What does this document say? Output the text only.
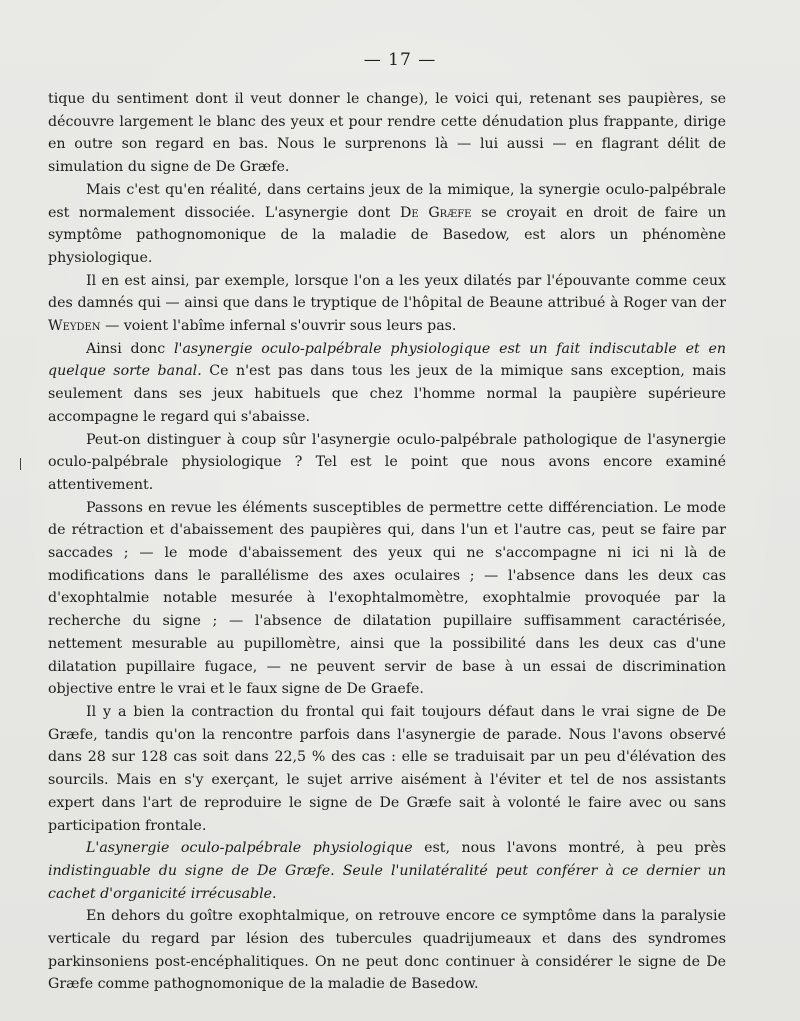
— 17 —

tique du sentiment dont il veut donner le change), le voici qui, retenant ses paupières, se découvre largement le blanc des yeux et pour rendre cette dénudation plus frappante, dirige en outre son regard en bas. Nous le surprenons là — lui aussi — en flagrant délit de simulation du signe de De Græfe.

Mais c'est qu'en réalité, dans certains jeux de la mimique, la synergie oculo-palpébrale est normalement dissociée. L'asynergie dont De Græfe se croyait en droit de faire un symptôme pathognomonique de la maladie de Basedow, est alors un phénomène physiologique.

Il en est ainsi, par exemple, lorsque l'on a les yeux dilatés par l'épouvante comme ceux des damnés qui — ainsi que dans le tryptique de l'hôpital de Beaune attribué à Roger van der Weyden — voient l'abîme infernal s'ouvrir sous leurs pas.

Ainsi donc l'asynergie oculo-palpébrale physiologique est un fait indiscutable et en quelque sorte banal. Ce n'est pas dans tous les jeux de la mimique sans exception, mais seulement dans ses jeux habituels que chez l'homme normal la paupière supérieure accompagne le regard qui s'abaisse.

Peut-on distinguer à coup sûr l'asynergie oculo-palpébrale pathologique de l'asynergie oculo-palpébrale physiologique ? Tel est le point que nous avons encore examiné attentivement.

Passons en revue les éléments susceptibles de permettre cette différenciation. Le mode de rétraction et d'abaissement des paupières qui, dans l'un et l'autre cas, peut se faire par saccades ; — le mode d'abaissement des yeux qui ne s'accompagne ni ici ni là de modifications dans le parallélisme des axes oculaires ; — l'absence dans les deux cas d'exophtalmie notable mesurée à l'exophtalmomètre, exophtalmie provoquée par la recherche du signe ; — l'absence de dilatation pupillaire suffisamment caractérisée, nettement mesurable au pupillomètre, ainsi que la possibilité dans les deux cas d'une dilatation pupillaire fugace, — ne peuvent servir de base à un essai de discrimination objective entre le vrai et le faux signe de De Graefe.

Il y a bien la contraction du frontal qui fait toujours défaut dans le vrai signe de De Græfe, tandis qu'on la rencontre parfois dans l'asynergie de parade. Nous l'avons observé dans 28 sur 128 cas soit dans 22,5 % des cas : elle se traduisait par un peu d'élévation des sourcils. Mais en s'y exerçant, le sujet arrive aisément à l'éviter et tel de nos assistants expert dans l'art de reproduire le signe de De Græfe sait à volonté le faire avec ou sans participation frontale.

L'asynergie oculo-palpébrale physiologique est, nous l'avons montré, à peu près indistinguable du signe de De Græfe. Seule l'unilatéralité peut conférer à ce dernier un cachet d'organicité irrécusable.

En dehors du goître exophtalmique, on retrouve encore ce symptôme dans la paralysie verticale du regard par lésion des tubercules quadrijumeaux et dans des syndromes parkinsoniens post-encéphalitiques. On ne peut donc continuer à considérer le signe de De Græfe comme pathognomonique de la maladie de Basedow.
